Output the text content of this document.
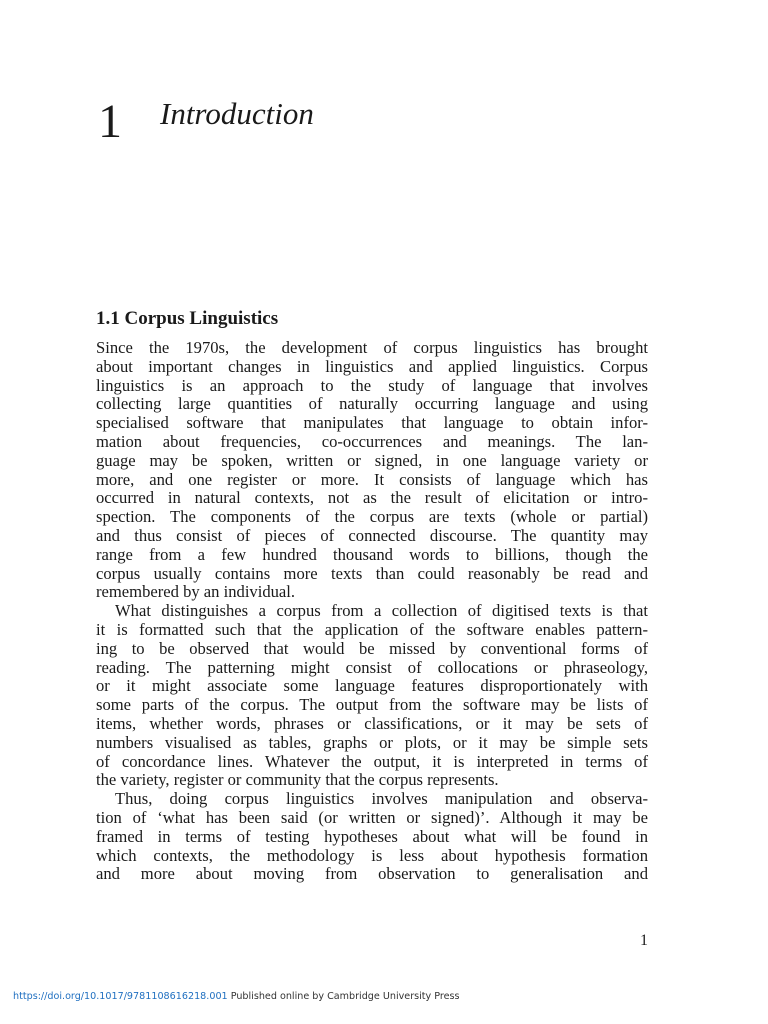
1 Introduction
1.1 Corpus Linguistics
Since the 1970s, the development of corpus linguistics has brought
about important changes in linguistics and applied linguistics. Corpus
linguistics is an approach to the study of language that involves
collecting large quantities of naturally occurring language and using
specialised software that manipulates that language to obtain infor-
mation about frequencies, co-occurrences and meanings. The lan-
guage may be spoken, written or signed, in one language variety or
more, and one register or more. It consists of language which has
occurred in natural contexts, not as the result of elicitation or intro-
spection. The components of the corpus are texts (whole or partial)
and thus consist of pieces of connected discourse. The quantity may
range from a few hundred thousand words to billions, though the
corpus usually contains more texts than could reasonably be read and
remembered by an individual.
What distinguishes a corpus from a collection of digitised texts is that
it is formatted such that the application of the software enables pattern-
ing to be observed that would be missed by conventional forms of
reading. The patterning might consist of collocations or phraseology,
or it might associate some language features disproportionately with
some parts of the corpus. The output from the software may be lists of
items, whether words, phrases or classifications, or it may be sets of
numbers visualised as tables, graphs or plots, or it may be simple sets
of concordance lines. Whatever the output, it is interpreted in terms of
the variety, register or community that the corpus represents.
Thus, doing corpus linguistics involves manipulation and observa-
tion of ‘what has been said (or written or signed)’. Although it may be
framed in terms of testing hypotheses about what will be found in
which contexts, the methodology is less about hypothesis formation
and more about moving from observation to generalisation and
1
https://doi.org/10.1017/9781108616218.001 Published online by Cambridge University Press
